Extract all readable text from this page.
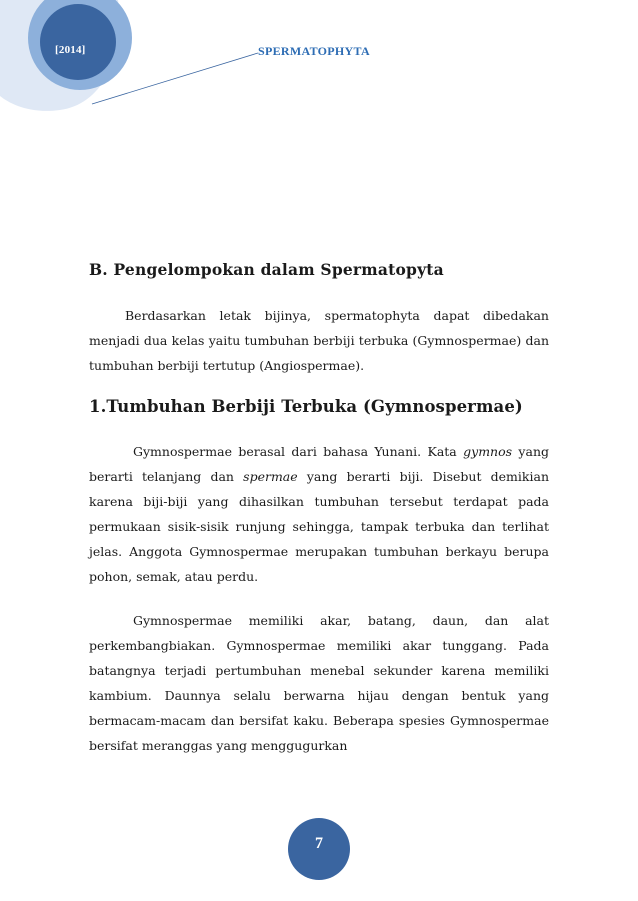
[2014]	SPERMATOPHYTA
B. Pengelompokan dalam Spermatopyta

Berdasarkan letak bijinya, spermatophyta dapat dibedakan menjadi dua kelas yaitu tumbuhan berbiji terbuka (Gymnospermae) dan tumbuhan berbiji tertutup (Angiospermae).

1.Tumbuhan Berbiji Terbuka (Gymnospermae)

Gymnospermae berasal dari bahasa Yunani. Kata gymnos yang berarti telanjang dan spermae yang berarti biji. Disebut demikian karena biji-biji yang dihasilkan tumbuhan tersebut terdapat pada permukaan sisik-sisik runjung sehingga, tampak terbuka dan terlihat jelas. Anggota Gymnospermae merupakan tumbuhan berkayu berupa pohon, semak, atau perdu.

Gymnospermae memiliki akar, batang, daun, dan alat perkembangbiakan. Gymnospermae memiliki akar tunggang. Pada batangnya terjadi pertumbuhan menebal sekunder karena memiliki kambium. Daunnya selalu berwarna hijau dengan bentuk yang bermacam-macam dan bersifat kaku. Beberapa spesies Gymnospermae bersifat meranggas yang menggugurkan

7
